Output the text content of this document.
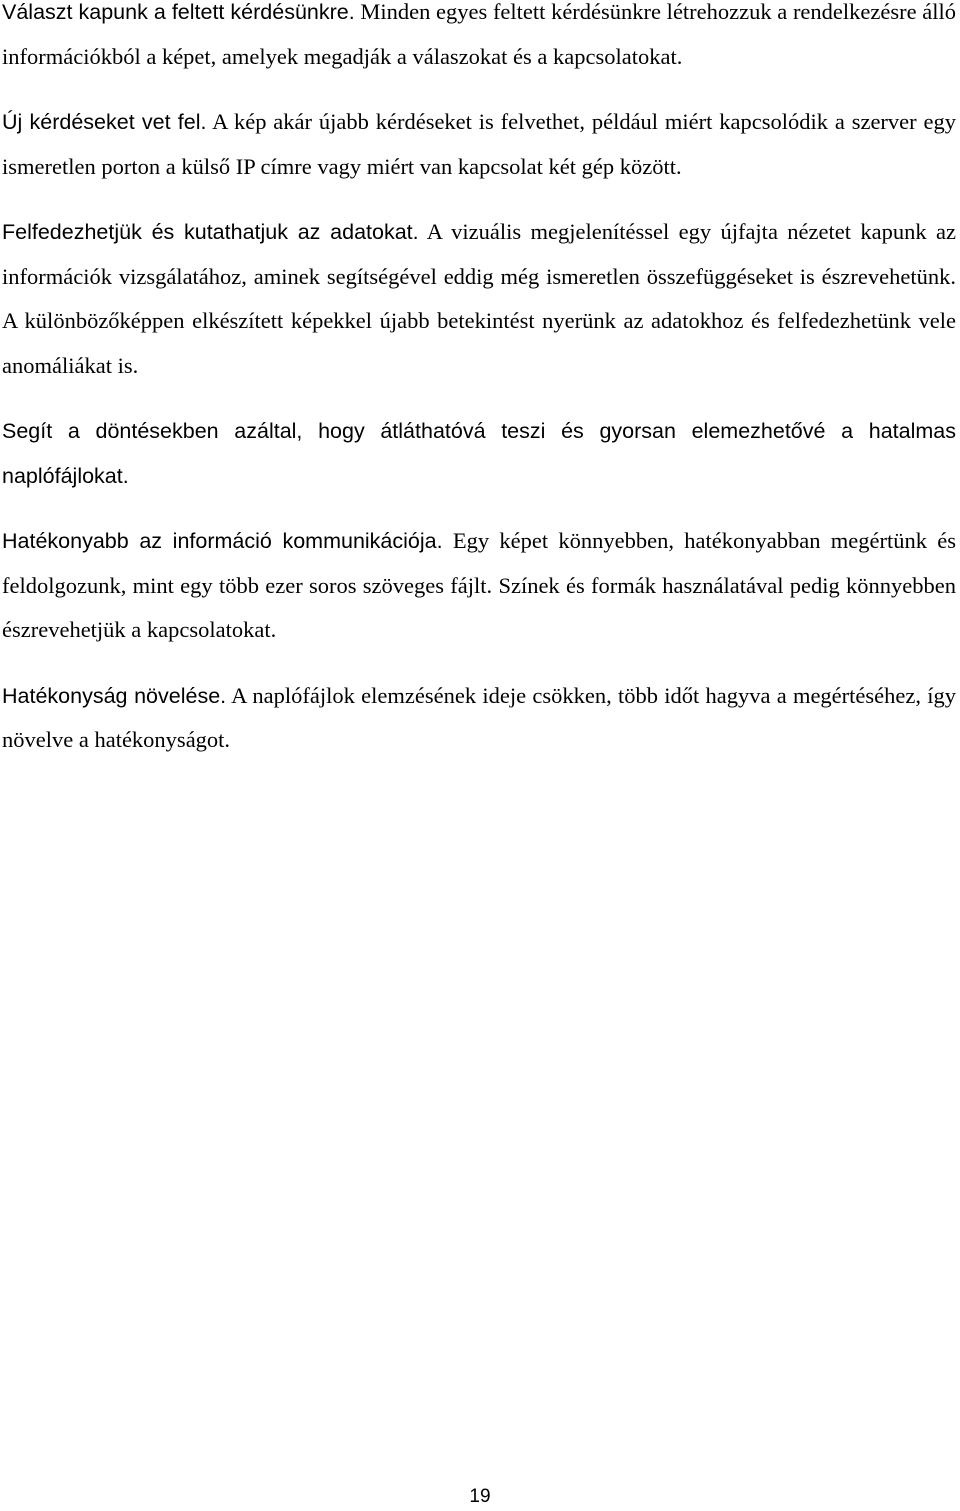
Választ kapunk a feltett kérdésünkre. Minden egyes feltett kérdésünkre létrehozzuk a rendelkezésre álló információkból a képet, amelyek megadják a válaszokat és a kapcsolatokat.

Új kérdéseket vet fel. A kép akár újabb kérdéseket is felvethet, például miért kapcsolódik a szerver egy ismeretlen porton a külső IP címre vagy miért van kapcsolat két gép között.

Felfedezhetjük és kutathatjuk az adatokat. A vizuális megjelenítéssel egy újfajta nézetet kapunk az információk vizsgálatához, aminek segítségével eddig még ismeretlen összefüggéseket is észrevehetünk. A különbözőképpen elkészített képekkel újabb betekintést nyerünk az adatokhoz és felfedezhetünk vele anomáliákat is.

Segít a döntésekben azáltal, hogy átláthatóvá teszi és gyorsan elemezhetővé a hatalmas naplófájlokat.

Hatékonyabb az információ kommunikációja. Egy képet könnyebben, hatékonyabban megértünk és feldolgozunk, mint egy több ezer soros szöveges fájlt. Színek és formák használatával pedig könnyebben észrevehetjük a kapcsolatokat.

Hatékonyság növelése. A naplófájlok elemzésének ideje csökken, több időt hagyva a megértéséhez, így növelve a hatékonyságot.

19
